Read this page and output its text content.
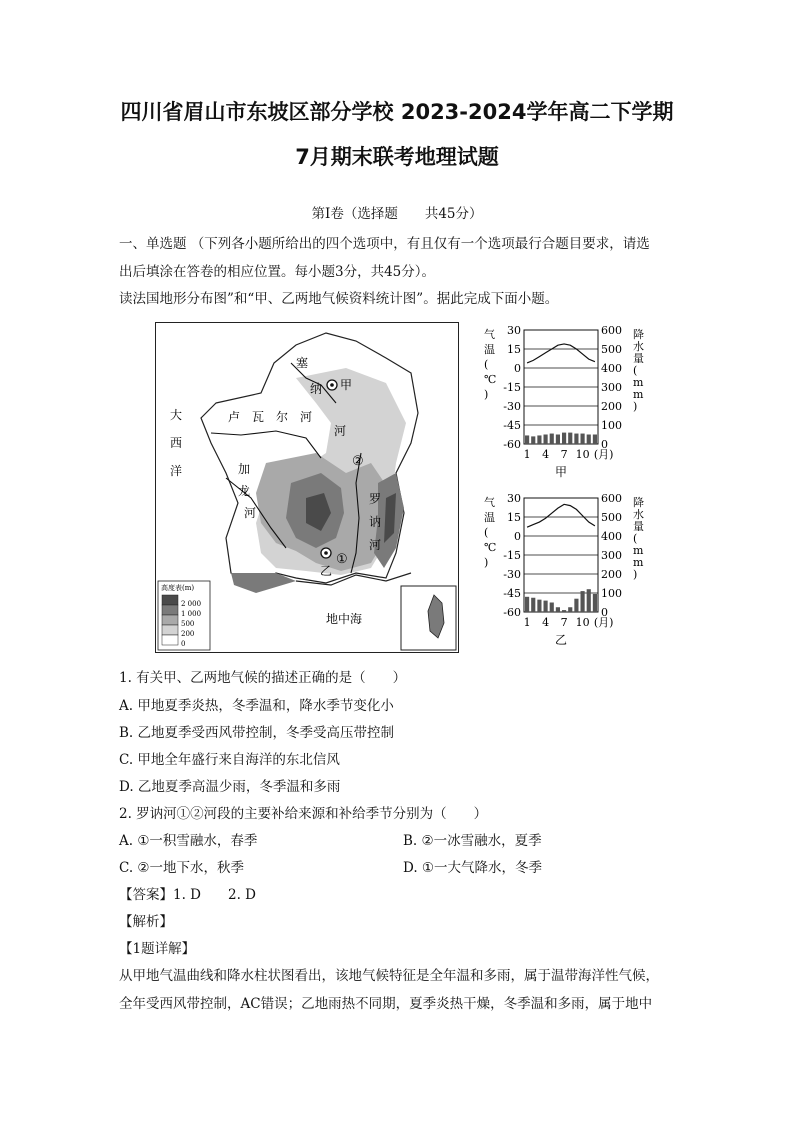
四川省眉山市东坡区部分学校 2023-2024学年高二下学期
7月期末联考地理试题
第Ⅰ卷（选择题　　共45分）
一、单选题 （下列各小题所给出的四个选项中，有且仅有一个选项最行合题目要求，请选
出后填涂在答卷的相应位置。每小题3分，共45分）。
读法国地形分布图”和“甲、乙两地气候资料统计图”。据此完成下面小题。
大
西
洋
塞
纳
河
卢　瓦　尔　河
加
龙
河
罗
讷
河
甲
乙
②
①
地中海
高度表(m)
2 000
1 000
500
200
0
30
15
0
-15
-30
-45
-60
600
500
400
300
200
100
0
气
温
(
℃
)
降
水
量
(
m
m
)
1 4 7 10 (月)
甲
30
15
0
-15
-30
-45
-60
600
500
400
300
200
100
0
气
温
(
℃
)
降
水
量
(
m
m
)
1 4 7 10 (月)
乙
1. 有关甲、乙两地气候的描述正确的是（　　）
A. 甲地夏季炎热，冬季温和，降水季节变化小
B. 乙地夏季受西风带控制，冬季受高压带控制
C. 甲地全年盛行来自海洋的东北信风
D. 乙地夏季高温少雨，冬季温和多雨
2. 罗讷河①②河段的主要补给来源和补给季节分别为（　　）
A. ①一积雪融水，春季	B. ②一冰雪融水，夏季
C. ②一地下水，秋季	D. ①一大气降水，冬季
【答案】1. D　　2. D
【解析】
【1题详解】
从甲地气温曲线和降水柱状图看出，该地气候特征是全年温和多雨，属于温带海洋性气候，
全年受西风带控制，AC错误；乙地雨热不同期，夏季炎热干燥，冬季温和多雨，属于地中
